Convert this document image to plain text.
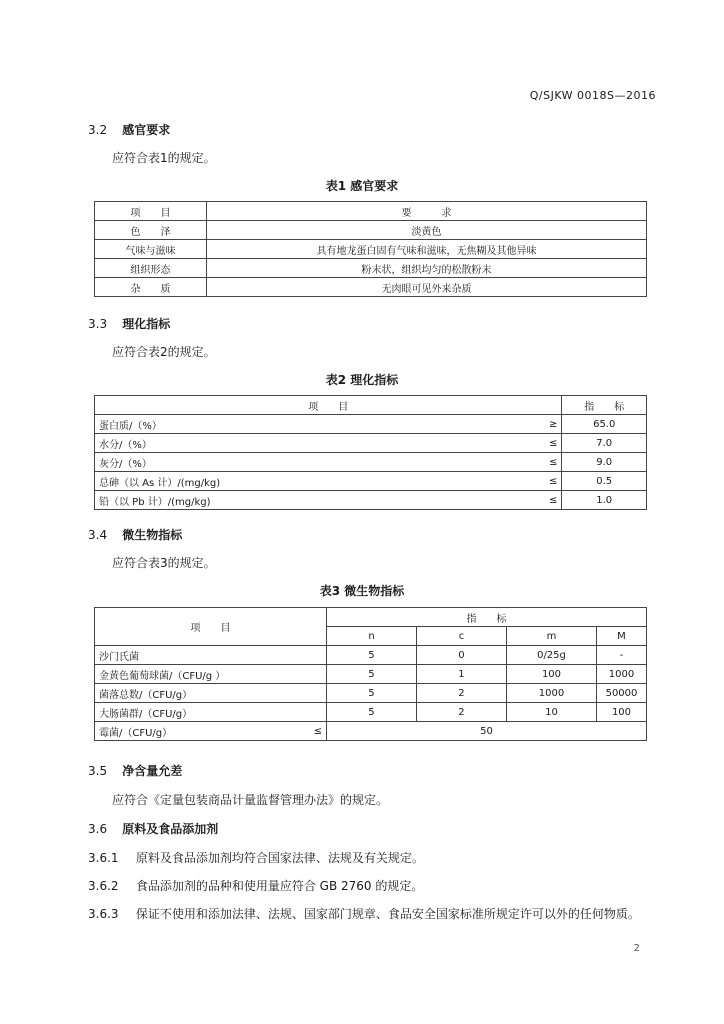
Q/SJKW 0018S—2016
3.2 感官要求
应符合表1的规定。
表1 感官要求
项　　目	要　　　求
色　　泽	淡黄色
气味与滋味	具有地龙蛋白固有气味和滋味，无焦糊及其他异味
组织形态	粉末状，组织均匀的松散粉末
杂　　质	无肉眼可见外来杂质
3.3 理化指标
应符合表2的规定。
表2 理化指标
项　　目		指　　标
蛋白质/（%）	≥	65.0
水分/（%）	≤	7.0
灰分/（%）	≤	9.0
总砷（以 As 计）/(mg/kg)	≤	0.5
铅（以 Pb 计）/(mg/kg)	≤	1.0
3.4 微生物指标
应符合表3的规定。
表3 微生物指标
项　　目		指　　标			
		n	c	m	M
沙门氏菌		5	0	0/25g	-
金黄色葡萄球菌/（CFU/g ）		5	1	100	1000
菌落总数/（CFU/g）		5	2	1000	50000
大肠菌群/（CFU/g）		5	2	10	100
霉菌/（CFU/g）	≤	50			
3.5 净含量允差
应符合《定量包装商品计量监督管理办法》的规定。
3.6 原料及食品添加剂
3.6.1 原料及食品添加剂均符合国家法律、法规及有关规定。
3.6.2 食品添加剂的品种和使用量应符合 GB 2760 的规定。
3.6.3 保证不使用和添加法律、法规、国家部门规章、食品安全国家标准所规定许可以外的任何物质。
2
